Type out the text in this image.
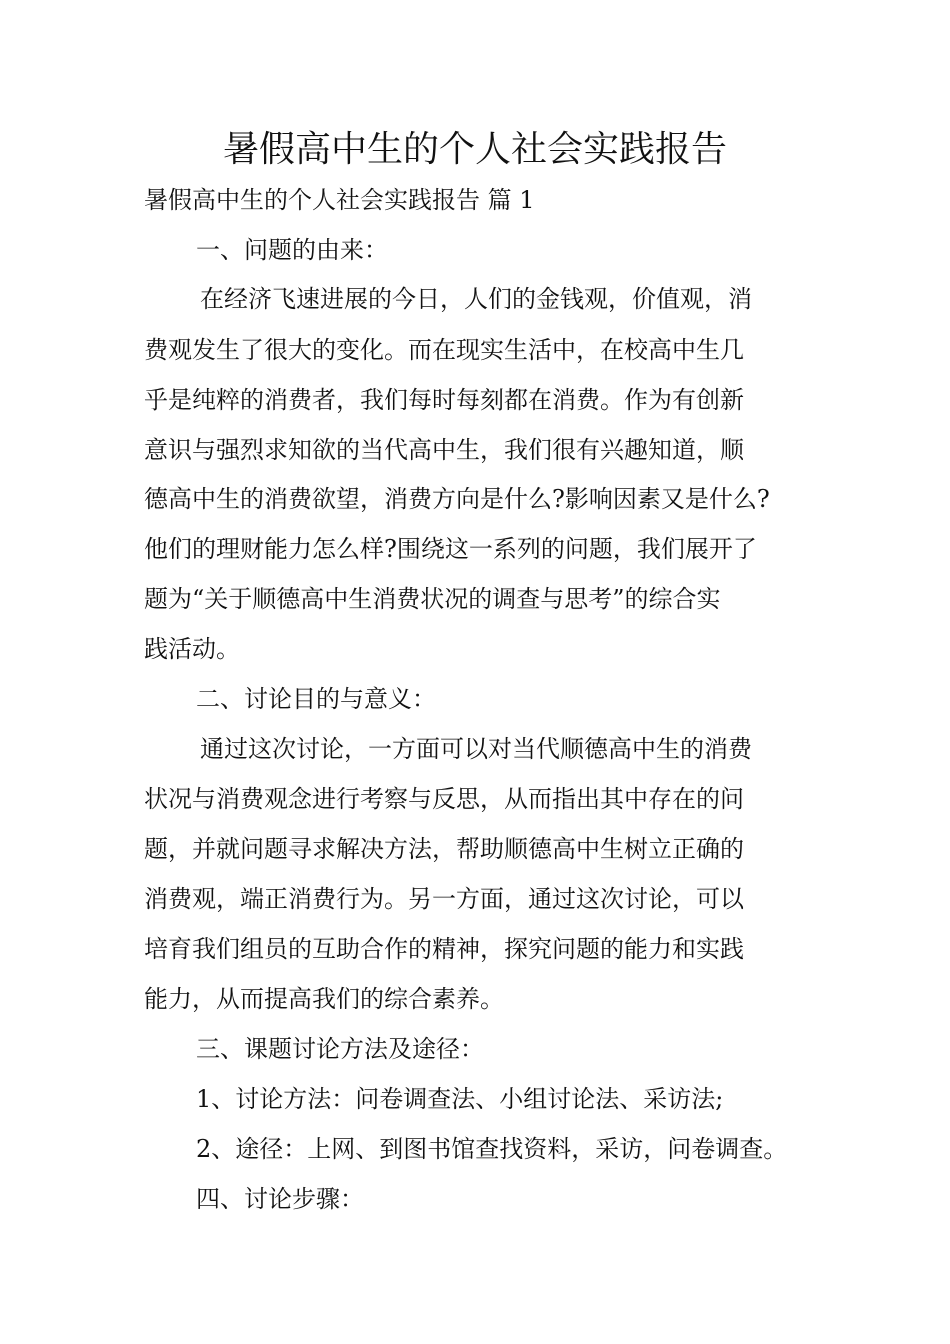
暑假高中生的个人社会实践报告

暑假高中生的个人社会实践报告 篇 1

一、问题的由来：

在经济飞速进展的今日，人们的金钱观，价值观，消

费观发生了很大的变化。而在现实生活中，在校高中生几

乎是纯粹的消费者，我们每时每刻都在消费。作为有创新

意识与强烈求知欲的当代高中生，我们很有兴趣知道，顺

德高中生的消费欲望，消费方向是什么?影响因素又是什么?

他们的理财能力怎么样?围绕这一系列的问题，我们展开了

题为“关于顺德高中生消费状况的调查与思考”的综合实

践活动。

二、讨论目的与意义：

通过这次讨论，一方面可以对当代顺德高中生的消费

状况与消费观念进行考察与反思，从而指出其中存在的问

题，并就问题寻求解决方法，帮助顺德高中生树立正确的

消费观，端正消费行为。另一方面，通过这次讨论，可以

培育我们组员的互助合作的精神，探究问题的能力和实践

能力，从而提高我们的综合素养。

三、课题讨论方法及途径：

1、讨论方法：问卷调查法、小组讨论法、采访法;

2、途径：上网、到图书馆查找资料，采访，问卷调查。

四、讨论步骤：
